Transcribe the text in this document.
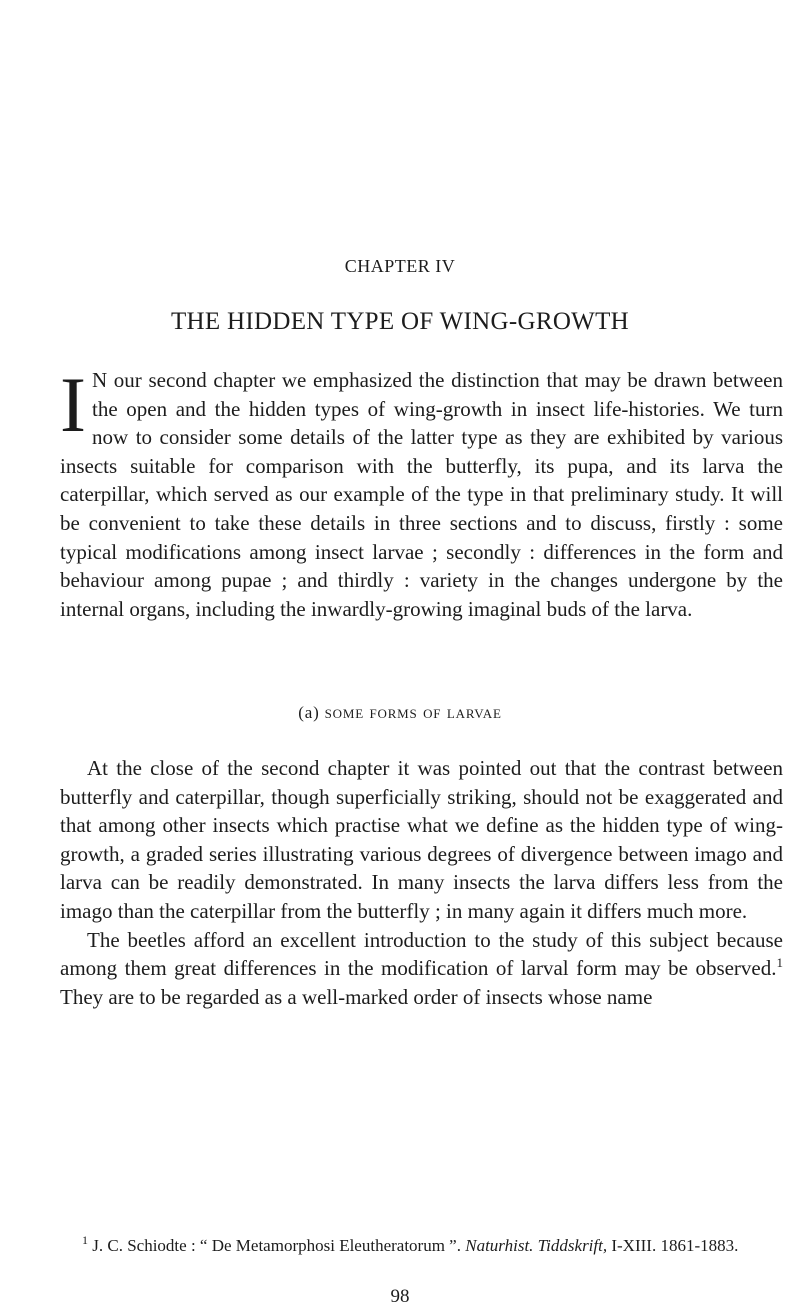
CHAPTER IV
THE HIDDEN TYPE OF WING-GROWTH

I N our second chapter we emphasized the distinction that may be drawn between the open and the hidden types of wing-growth in insect life-histories. We turn now to consider some details of the latter type as they are exhibited by various insects suitable for comparison with the butterfly, its pupa, and its larva the caterpillar, which served as our example of the type in that preliminary study. It will be convenient to take these details in three sections and to discuss, firstly : some typical modifications among insect larvae ; secondly : differences in the form and behaviour among pupae ; and thirdly : variety in the changes undergone by the internal organs, including the inwardly-growing imaginal buds of the larva.

(a) some forms of larvae

At the close of the second chapter it was pointed out that the contrast between butterfly and caterpillar, though superficially striking, should not be exaggerated and that among other insects which practise what we define as the hidden type of wing-growth, a graded series illustrating various degrees of divergence between imago and larva can be readily demonstrated. In many insects the larva differs less from the imago than the caterpillar from the butterfly ; in many again it differs much more.

The beetles afford an excellent introduction to the study of this subject because among them great differences in the modification of larval form may be observed.$^1$ They are to be regarded as a well-marked order of insects whose name

$^1$ J. C. Schiodte : “ De Metamorphosi Eleutheratorum ”. Naturhist. Tiddskrift, I-XIII. 1861-1883.
98
